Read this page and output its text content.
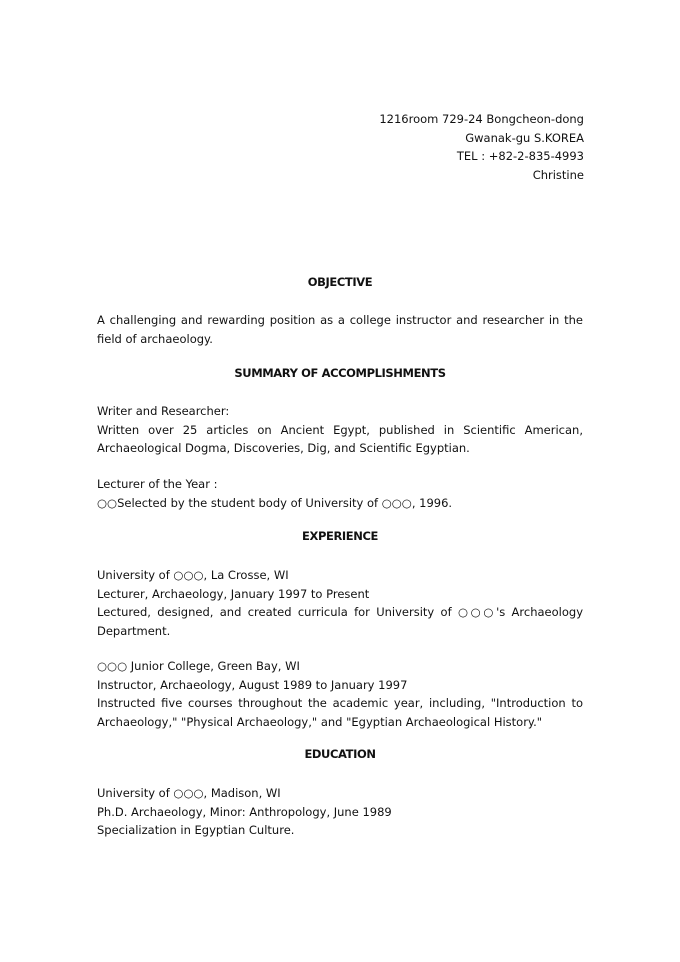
1216room 729-24 Bongcheon-dong
Gwanak-gu S.KOREA
TEL : +82-2-835-4993
Christine
OBJECTIVE
A challenging and rewarding position as a college instructor and researcher in the
field of archaeology.
SUMMARY OF ACCOMPLISHMENTS
Writer and Researcher:
Written over 25 articles on Ancient Egypt, published in Scientific American,
Archaeological Dogma, Discoveries, Dig, and Scientific Egyptian.
Lecturer of the Year :
○○Selected by the student body of University of ○○○, 1996.
EXPERIENCE
University of ○○○, La Crosse, WI
Lecturer, Archaeology, January 1997 to Present
Lectured, designed, and created curricula for University of ○○○'s Archaeology
Department.
○○○ Junior College, Green Bay, WI
Instructor, Archaeology, August 1989 to January 1997
Instructed five courses throughout the academic year, including, "Introduction to
Archaeology," "Physical Archaeology," and "Egyptian Archaeological History."
EDUCATION
University of ○○○, Madison, WI
Ph.D. Archaeology, Minor: Anthropology, June 1989
Specialization in Egyptian Culture.
